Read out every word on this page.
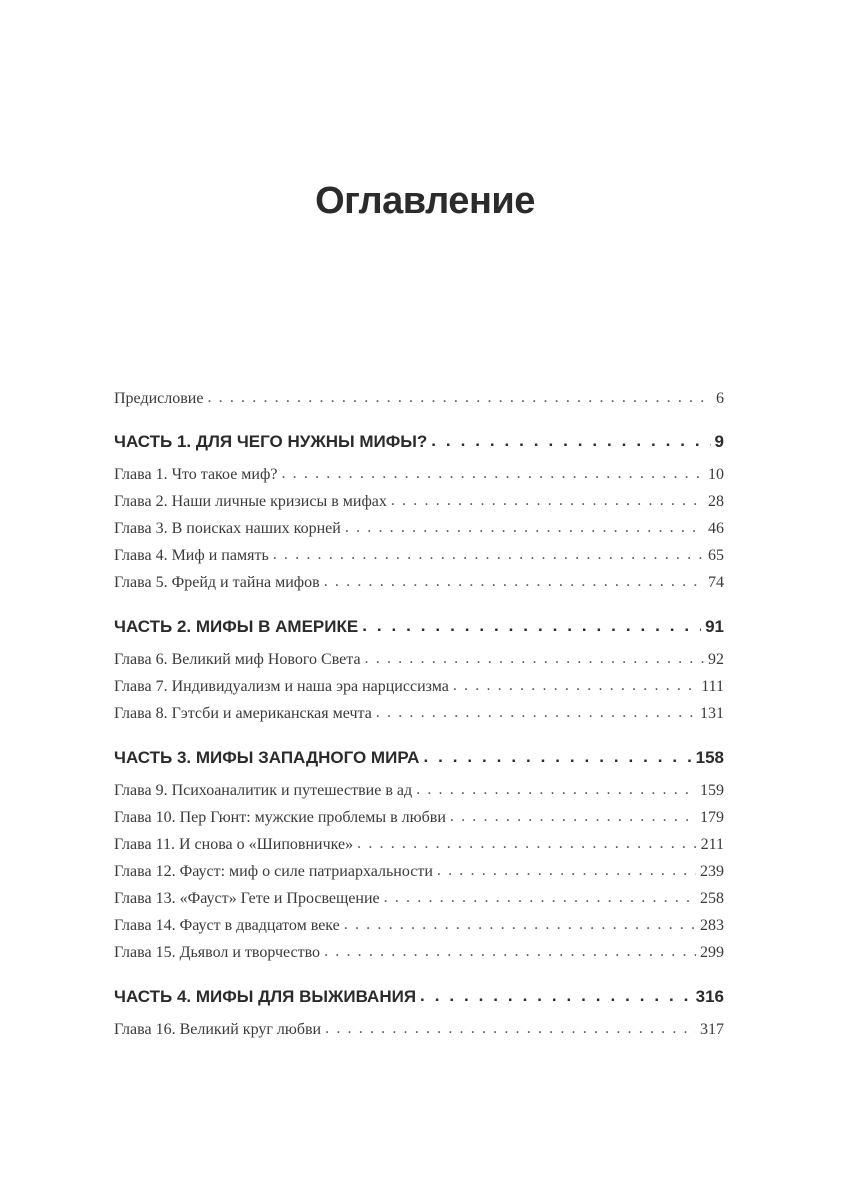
Оглавление
Предисловие . . .	6
ЧАСТЬ 1. ДЛЯ ЧЕГО НУЖНЫ МИФЫ? . . .	9
Глава 1. Что такое миф? . . .	10
Глава 2. Наши личные кризисы в мифах . . .	28
Глава 3. В поисках наших корней . . .	46
Глава 4. Миф и память . . .	65
Глава 5. Фрейд и тайна мифов . . .	74
ЧАСТЬ 2. МИФЫ В АМЕРИКЕ . . .	91
Глава 6. Великий миф Нового Света . . .	92
Глава 7. Индивидуализм и наша эра нарциссизма . . .	111
Глава 8. Гэтсби и американская мечта . . .	131
ЧАСТЬ 3. МИФЫ ЗАПАДНОГО МИРА . . .	158
Глава 9. Психоаналитик и путешествие в ад . . .	159
Глава 10. Пер Гюнт: мужские проблемы в любви . . .	179
Глава 11. И снова о «Шиповничке» . . .	211
Глава 12. Фауст: миф о силе патриархальности . . .	239
Глава 13. «Фауст» Гете и Просвещение . . .	258
Глава 14. Фауст в двадцатом веке . . .	283
Глава 15. Дьявол и творчество . . .	299
ЧАСТЬ 4. МИФЫ ДЛЯ ВЫЖИВАНИЯ . . .	316
Глава 16. Великий круг любви . . .	317
